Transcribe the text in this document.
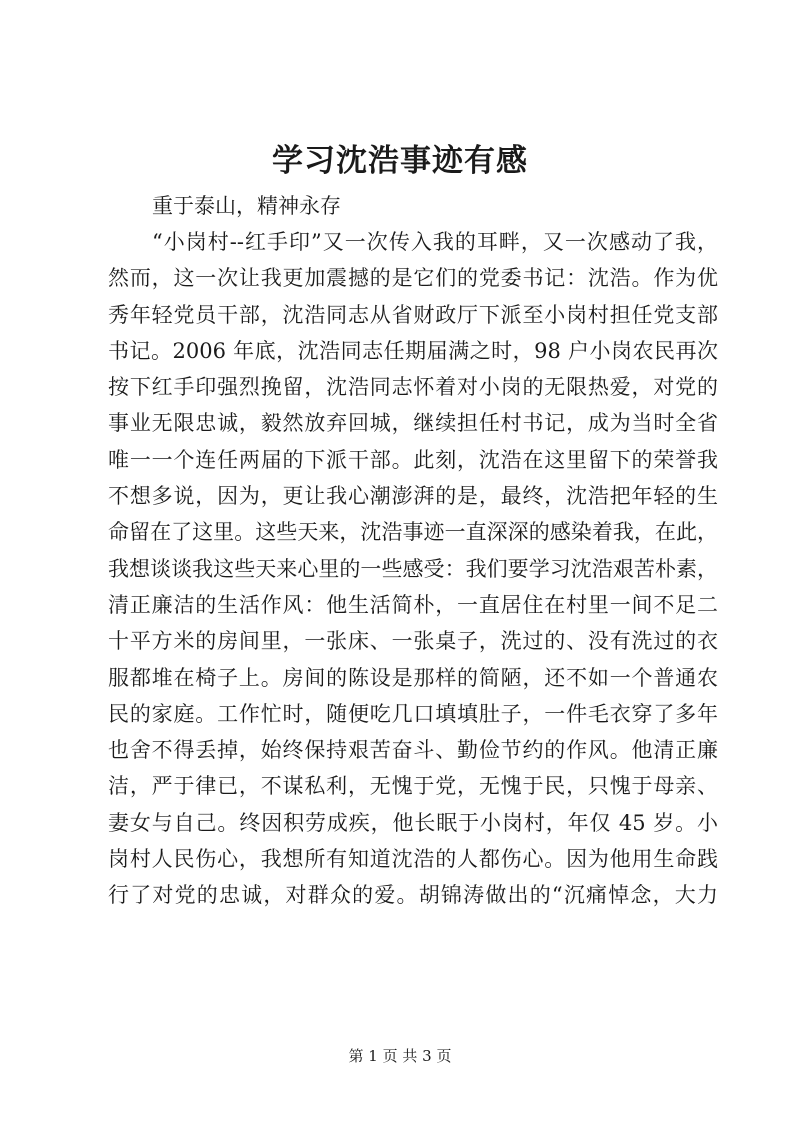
学习沈浩事迹有感
重于泰山，精神永存
“小岗村--红手印”又一次传入我的耳畔，又一次感动了我，
然而，这一次让我更加震撼的是它们的党委书记：沈浩。作为优
秀年轻党员干部，沈浩同志从省财政厅下派至小岗村担任党支部
书记。2006 年底，沈浩同志任期届满之时，98 户小岗农民再次
按下红手印强烈挽留，沈浩同志怀着对小岗的无限热爱，对党的
事业无限忠诚，毅然放弃回城，继续担任村书记，成为当时全省
唯一一个连任两届的下派干部。此刻，沈浩在这里留下的荣誉我
不想多说，因为，更让我心潮澎湃的是，最终，沈浩把年轻的生
命留在了这里。这些天来，沈浩事迹一直深深的感染着我，在此，
我想谈谈我这些天来心里的一些感受：我们要学习沈浩艰苦朴素，
清正廉洁的生活作风：他生活简朴，一直居住在村里一间不足二
十平方米的房间里，一张床、一张桌子，洗过的、没有洗过的衣
服都堆在椅子上。房间的陈设是那样的简陋，还不如一个普通农
民的家庭。工作忙时，随便吃几口填填肚子，一件毛衣穿了多年
也舍不得丢掉，始终保持艰苦奋斗、勤俭节约的作风。他清正廉
洁，严于律已，不谋私利，无愧于党，无愧于民，只愧于母亲、
妻女与自己。终因积劳成疾，他长眠于小岗村，年仅 45 岁。小
岗村人民伤心，我想所有知道沈浩的人都伤心。因为他用生命践
行了对党的忠诚，对群众的爱。胡锦涛做出的“沉痛悼念，大力
第 1 页 共 3 页
